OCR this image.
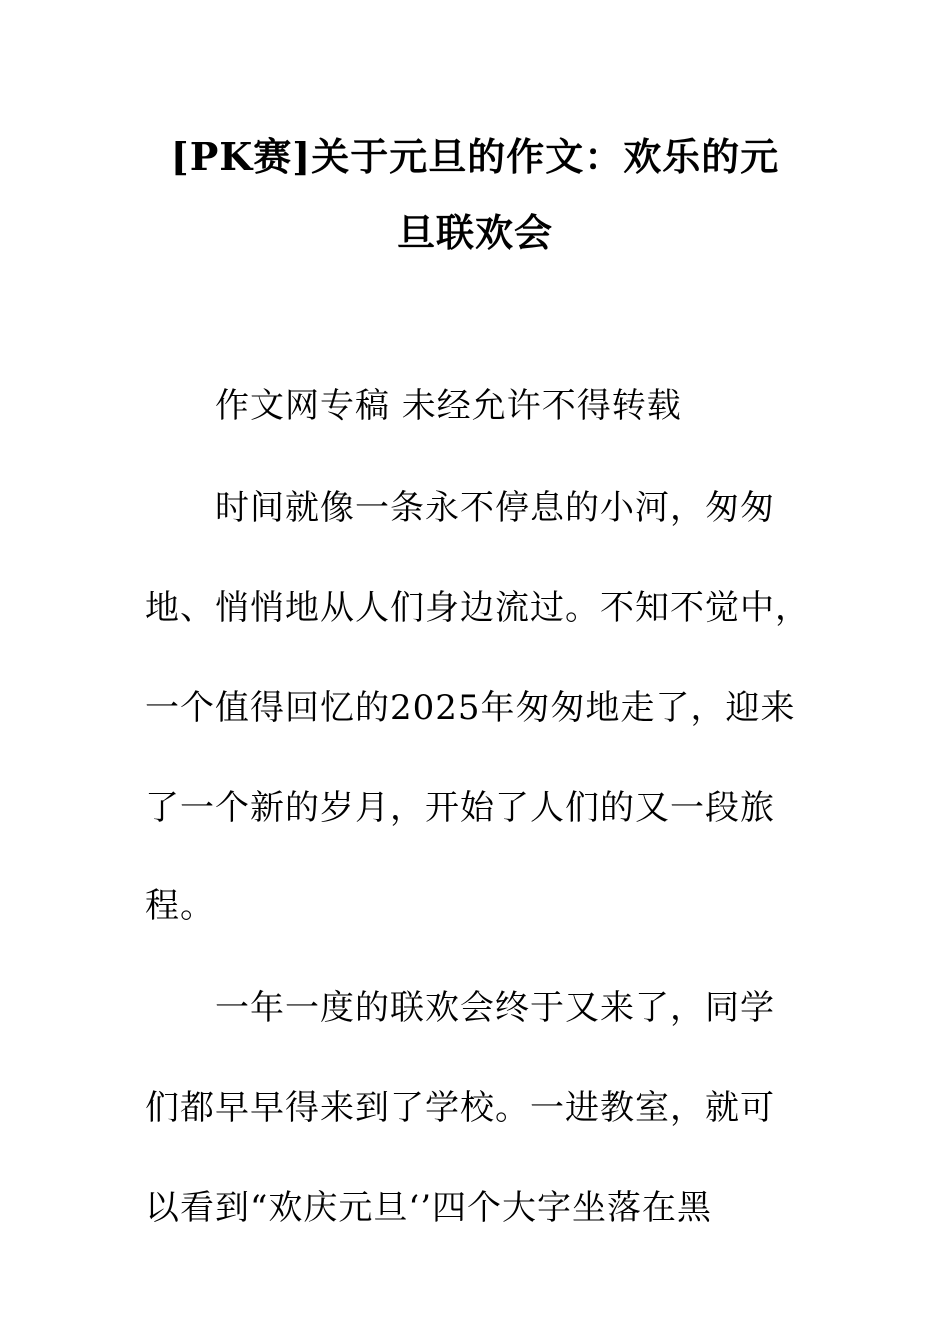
[PK赛]关于元旦的作文：欢乐的元
旦联欢会
作文网专稿 未经允许不得转载
时间就像一条永不停息的小河，匆匆
地、悄悄地从人们身边流过。不知不觉中，
一个值得回忆的2025年匆匆地走了，迎来
了一个新的岁月，开始了人们的又一段旅
程。
一年一度的联欢会终于又来了，同学
们都早早得来到了学校。一进教室，就可
以看到“欢庆元旦‘’四个大字坐落在黑
